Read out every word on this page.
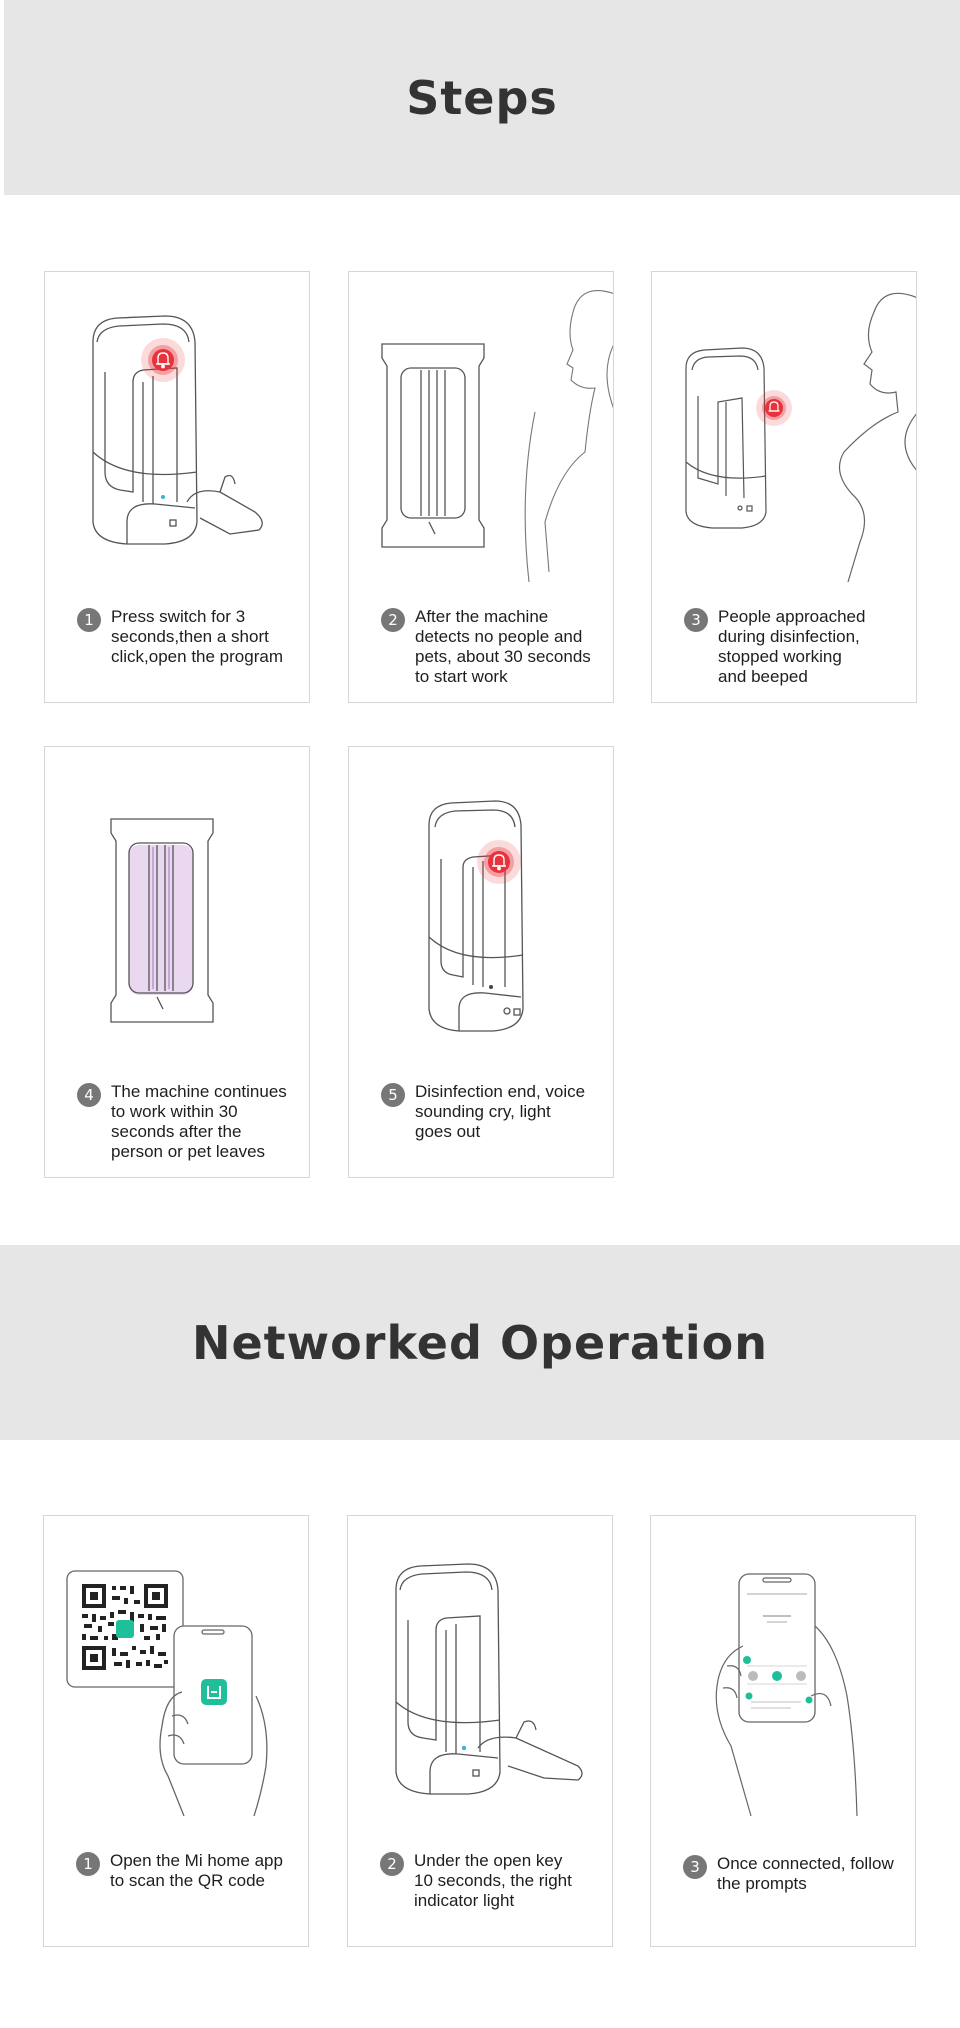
Steps
1	Press switch for 3
seconds,then a short
click,open the program
2	After the machine
detects no people and
pets, about 30 seconds
to start work
3	People approached
during disinfection,
stopped working
and beeped
4	The machine continues
to work within 30
seconds after the
person or pet leaves
5	Disinfection end, voice
sounding cry, light
goes out
Networked Operation
1	Open the Mi home app
to scan the QR code
2	Under the open key
10 seconds, the right
indicator light
3	Once connected, follow
the prompts
